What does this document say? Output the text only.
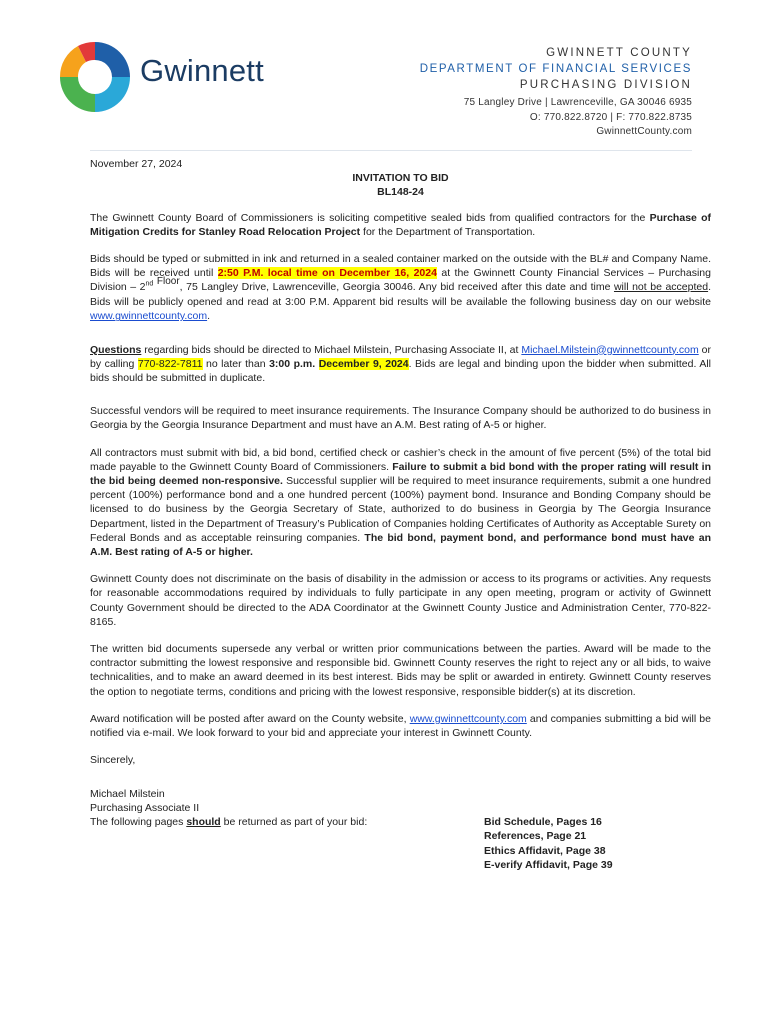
Gwinnett	GWINNETT COUNTY
DEPARTMENT OF FINANCIAL SERVICES
PURCHASING DIVISION
75 Langley Drive | Lawrenceville, GA 30046 6935
O: 770.822.8720 | F: 770.822.8735
GwinnettCounty.com

November 27, 2024

INVITATION TO BID

BL148-24

The Gwinnett County Board of Commissioners is soliciting competitive sealed bids from qualified contractors for the Purchase of Mitigation Credits for Stanley Road Relocation Project for the Department of Transportation.

Bids should be typed or submitted in ink and returned in a sealed container marked on the outside with the BL# and Company Name. Bids will be received until 2:50 P.M. local time on December 16, 2024 at the Gwinnett County Financial Services – Purchasing Division – 2nd Floor, 75 Langley Drive, Lawrenceville, Georgia 30046. Any bid received after this date and time will not be accepted. Bids will be publicly opened and read at 3:00 P.M. Apparent bid results will be available the following business day on our website www.gwinnettcounty.com.

Questions regarding bids should be directed to Michael Milstein, Purchasing Associate II, at Michael.Milstein@gwinnettcounty.com or by calling 770-822-7811 no later than 3:00 p.m. December 9, 2024. Bids are legal and binding upon the bidder when submitted. All bids should be submitted in duplicate.

Successful vendors will be required to meet insurance requirements. The Insurance Company should be authorized to do business in Georgia by the Georgia Insurance Department and must have an A.M. Best rating of A-5 or higher.

All contractors must submit with bid, a bid bond, certified check or cashier’s check in the amount of five percent (5%) of the total bid made payable to the Gwinnett County Board of Commissioners. Failure to submit a bid bond with the proper rating will result in the bid being deemed non-responsive. Successful supplier will be required to meet insurance requirements, submit a one hundred percent (100%) performance bond and a one hundred percent (100%) payment bond. Insurance and Bonding Company should be licensed to do business by the Georgia Secretary of State, authorized to do business in Georgia by The Georgia Insurance Department, listed in the Department of Treasury’s Publication of Companies holding Certificates of Authority as Acceptable Surety on Federal Bonds and as acceptable reinsuring companies. The bid bond, payment bond, and performance bond must have an A.M. Best rating of A-5 or higher.

Gwinnett County does not discriminate on the basis of disability in the admission or access to its programs or activities. Any requests for reasonable accommodations required by individuals to fully participate in any open meeting, program or activity of Gwinnett County Government should be directed to the ADA Coordinator at the Gwinnett County Justice and Administration Center, 770-822-8165.

The written bid documents supersede any verbal or written prior communications between the parties. Award will be made to the contractor submitting the lowest responsive and responsible bid. Gwinnett County reserves the right to reject any or all bids, to waive technicalities, and to make an award deemed in its best interest. Bids may be split or awarded in entirety. Gwinnett County reserves the option to negotiate terms, conditions and pricing with the lowest responsive, responsible bidder(s) at its discretion.

Award notification will be posted after award on the County website, www.gwinnettcounty.com and companies submitting a bid will be notified via e-mail. We look forward to your bid and appreciate your interest in Gwinnett County.

Sincerely,

Michael Milstein

Purchasing Associate II

The following pages should be returned as part of your bid:	Bid Schedule, Pages 16
References, Page 21
Ethics Affidavit, Page 38
E-verify Affidavit, Page 39
